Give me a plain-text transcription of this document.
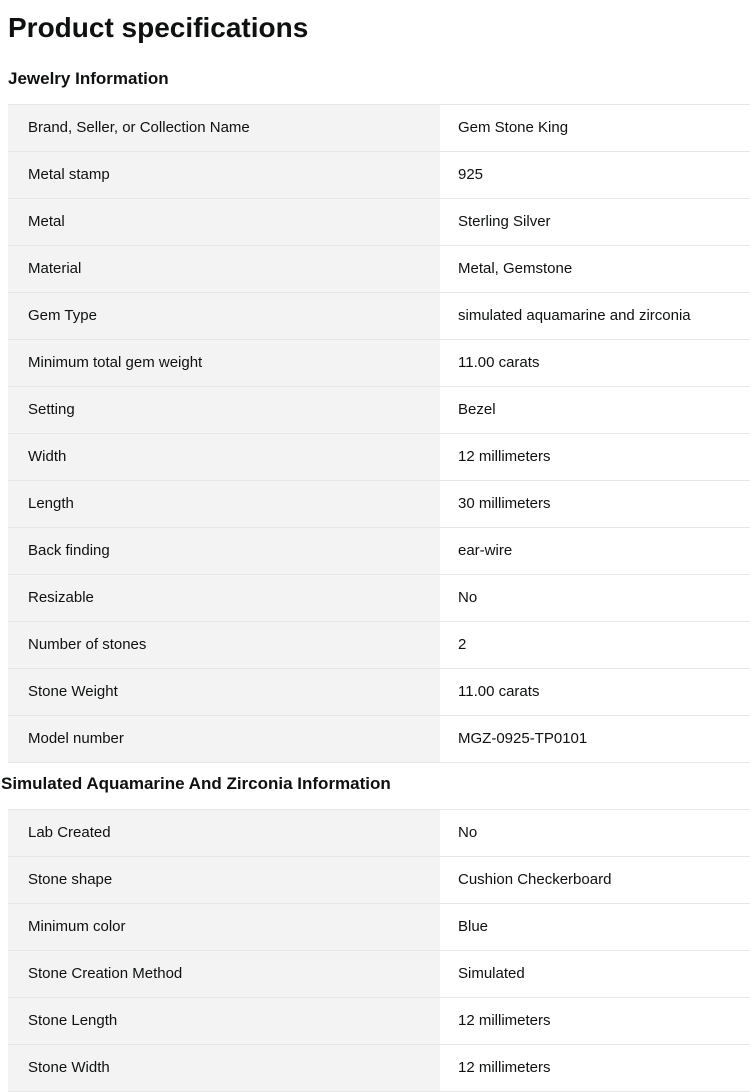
Product specifications
Jewelry Information
Brand, Seller, or Collection Name	Gem Stone King
Metal stamp	925
Metal	Sterling Silver
Material	Metal, Gemstone
Gem Type	simulated aquamarine and zirconia
Minimum total gem weight	11.00 carats
Setting	Bezel
Width	12 millimeters
Length	30 millimeters
Back finding	ear-wire
Resizable	No
Number of stones	2
Stone Weight	11.00 carats
Model number	MGZ-0925-TP0101
Simulated Aquamarine And Zirconia Information
Lab Created	No
Stone shape	Cushion Checkerboard
Minimum color	Blue
Stone Creation Method	Simulated
Stone Length	12 millimeters
Stone Width	12 millimeters
